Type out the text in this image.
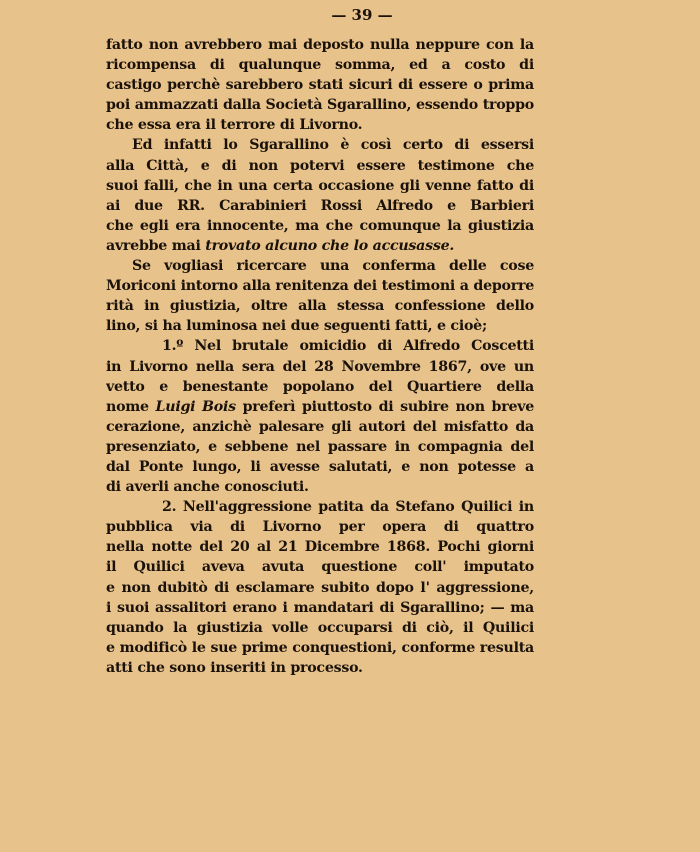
— 39 —
fatto non avrebbero mai deposto nulla neppure con la
ricompensa di qualunque somma, ed a costo di
castigo perchè sarebbero stati sicuri di essere o prima
poi ammazzati dalla Società Sgarallino, essendo troppo
che essa era il terrore di Livorno.
Ed infatti lo Sgarallino è così certo di essersi
alla Città, e di non potervi essere testimone che
suoi falli, che in una certa occasione gli venne fatto di
ai due RR. Carabinieri Rossi Alfredo e Barbieri
che egli era innocente, ma che comunque la giustizia
avrebbe mai trovato alcuno che lo accusasse.
Se vogliasi ricercare una conferma delle cose
Moriconi intorno alla renitenza dei testimoni a deporre
rità in giustizia, oltre alla stessa confessione dello
lino, si ha luminosa nei due seguenti fatti, e cioè;
1.º Nel brutale omicidio di Alfredo Coscetti
in Livorno nella sera del 28 Novembre 1867, ove un
vetto e benestante popolano del Quartiere della
nome Luigi Bois preferì piuttosto di subire non breve
cerazione, anzichè palesare gli autori del misfatto da
presenziato, e sebbene nel passare in compagnia del
dal Ponte lungo, li avesse salutati, e non potesse a
di averli anche conosciuti.
2. Nell'aggressione patita da Stefano Quilici in
pubblica via di Livorno per opera di quattro
nella notte del 20 al 21 Dicembre 1868. Pochi giorni
il Quilici aveva avuta questione coll' imputato
e non dubitò di esclamare subito dopo l' aggressione,
i suoi assalitori erano i mandatari di Sgarallino; — ma
quando la giustizia volle occuparsi di ciò, il Quilici
e modificò le sue prime conquestioni, conforme resulta
atti che sono inseriti in processo.
